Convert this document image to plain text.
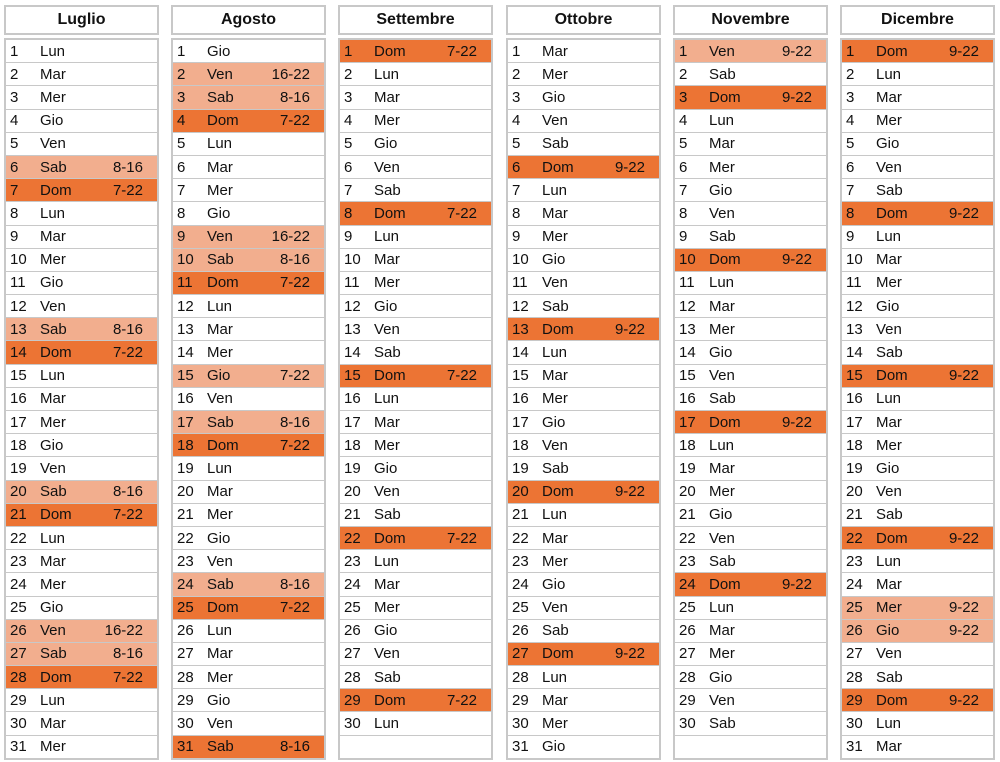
Luglio
1 Lun
2 Mar
3 Mer
4 Gio
5 Ven
6 Sab	8-16
7 Dom	7-22
8 Lun
9 Mar
10 Mer
11 Gio
12 Ven
13 Sab	8-16
14 Dom	7-22
15 Lun
16 Mar
17 Mer
18 Gio
19 Ven
20 Sab	8-16
21 Dom	7-22
22 Lun
23 Mar
24 Mer
25 Gio
26 Ven	16-22
27 Sab	8-16
28 Dom	7-22
29 Lun
30 Mar
31 Mer
Agosto
1 Gio
2 Ven	16-22
3 Sab	8-16
4 Dom	7-22
5 Lun
6 Mar
7 Mer
8 Gio
9 Ven	16-22
10 Sab	8-16
11 Dom	7-22
12 Lun
13 Mar
14 Mer
15 Gio	7-22
16 Ven
17 Sab	8-16
18 Dom	7-22
19 Lun
20 Mar
21 Mer
22 Gio
23 Ven
24 Sab	8-16
25 Dom	7-22
26 Lun
27 Mar
28 Mer
29 Gio
30 Ven
31 Sab	8-16
Settembre
1 Dom	7-22
2 Lun
3 Mar
4 Mer
5 Gio
6 Ven
7 Sab
8 Dom	7-22
9 Lun
10 Mar
11 Mer
12 Gio
13 Ven
14 Sab
15 Dom	7-22
16 Lun
17 Mar
18 Mer
19 Gio
20 Ven
21 Sab
22 Dom	7-22
23 Lun
24 Mar
25 Mer
26 Gio
27 Ven
28 Sab
29 Dom	7-22
30 Lun
Ottobre
1 Mar
2 Mer
3 Gio
4 Ven
5 Sab
6 Dom	9-22
7 Lun
8 Mar
9 Mer
10 Gio
11 Ven
12 Sab
13 Dom	9-22
14 Lun
15 Mar
16 Mer
17 Gio
18 Ven
19 Sab
20 Dom	9-22
21 Lun
22 Mar
23 Mer
24 Gio
25 Ven
26 Sab
27 Dom	9-22
28 Lun
29 Mar
30 Mer
31 Gio
Novembre
1 Ven	9-22
2 Sab
3 Dom	9-22
4 Lun
5 Mar
6 Mer
7 Gio
8 Ven
9 Sab
10 Dom	9-22
11 Lun
12 Mar
13 Mer
14 Gio
15 Ven
16 Sab
17 Dom	9-22
18 Lun
19 Mar
20 Mer
21 Gio
22 Ven
23 Sab
24 Dom	9-22
25 Lun
26 Mar
27 Mer
28 Gio
29 Ven
30 Sab
Dicembre
1 Dom	9-22
2 Lun
3 Mar
4 Mer
5 Gio
6 Ven
7 Sab
8 Dom	9-22
9 Lun
10 Mar
11 Mer
12 Gio
13 Ven
14 Sab
15 Dom	9-22
16 Lun
17 Mar
18 Mer
19 Gio
20 Ven
21 Sab
22 Dom	9-22
23 Lun
24 Mar
25 Mer	9-22
26 Gio	9-22
27 Ven
28 Sab
29 Dom	9-22
30 Lun
31 Mar
